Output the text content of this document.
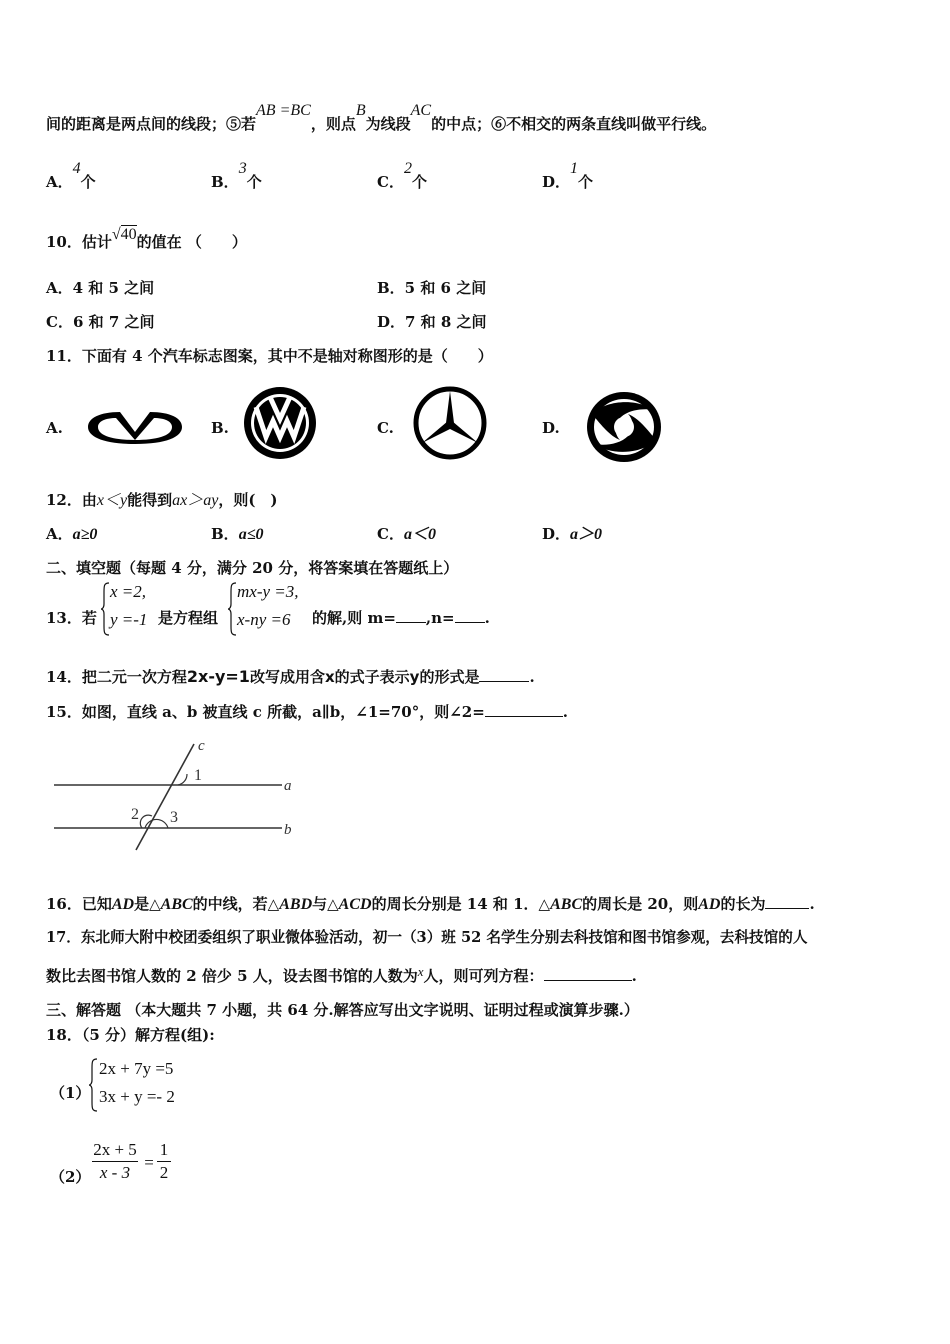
间的距离是两点间的线段；⑤若AB =BC，则点B为线段AC的中点；⑥不相交的两条直线叫做平行线。
A．4个	B．3个	C．2个	D．1个
10．估计√40的值在 （　　）
A．4 和 5 之间	B．5 和 6 之间
C．6 和 7 之间	D．7 和 8 之间
11．下面有 4 个汽车标志图案，其中不是轴对称图形的是（　　）
A.	B.	C.	D.
12．由x＜y能得到ax＞ay，则(　)
A．a≥0	B．a≤0	C．a＜0	D．a＞0
二、填空题（每题 4 分，满分 20 分，将答案填在答题纸上）
13．若
x =2,
y =-1 是方程组
mx-y =3,
x-ny =6 的解,则 m= ,n= .
14．把二元一次方程2x-y=1改写成用含x的式子表示y的形式是	.
15．如图，直线 a、b 被直线 c 所截，a∥b，∠1=70°，则∠2=	.
c
1
a
2 3
b
16．已知AD是△ABC的中线，若△ABD与△ACD的周长分别是 14 和 1．△ABC的周长是 20，则AD的长为	.
17．东北师大附中校团委组织了职业微体验活动，初一（3）班 52 名学生分别去科技馆和图书馆参观，去科技馆的人
数比去图书馆人数的 2 倍少 5 人，设去图书馆的人数为x人，则可列方程：	.
三、解答题 （本大题共 7 小题，共 64 分.解答应写出文字说明、证明过程或演算步骤.）
18．（5 分）解方程(组):
（1）
2x + 7y =5
3x + y =- 2
（2）
2x + 5
x - 3
=
1
2
